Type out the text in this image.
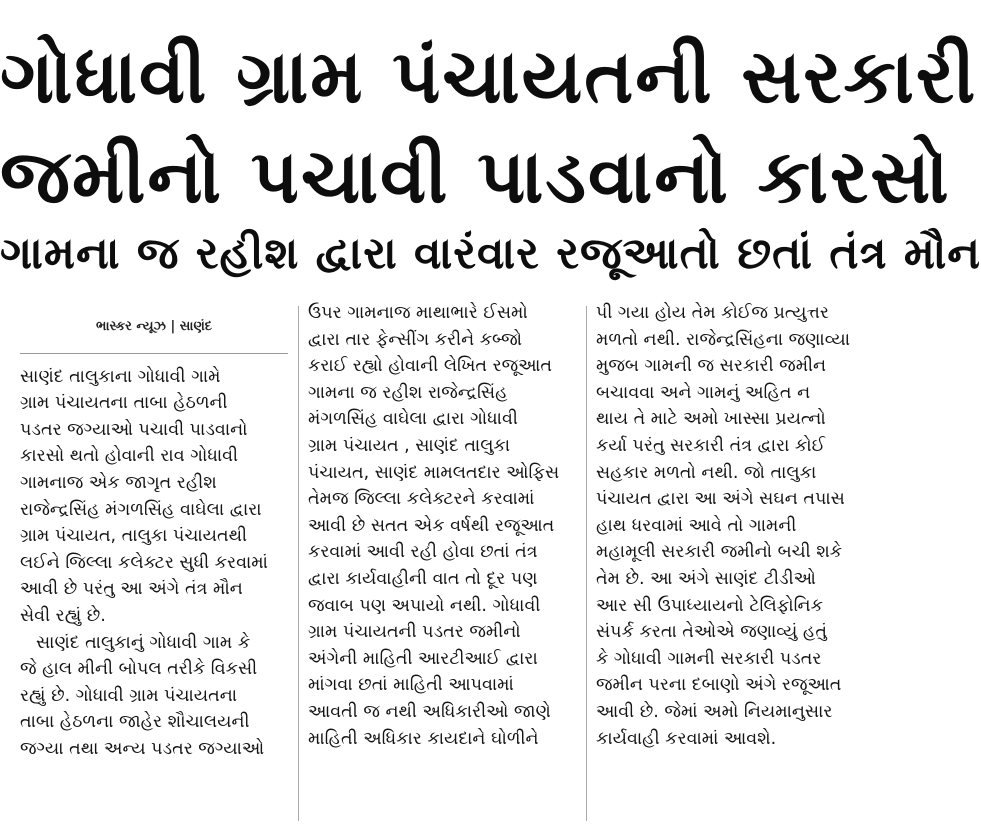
ગોધાવી ગ્રામ પંચાયતની સરકારી
જમીનો પચાવી પાડવાનો કારસો
ગામના જ રહીશ દ્વારા વારંવાર રજૂઆતો છતાં તંત્ર મૌન
ભાસ્કર ન્યૂઝ | સાણંદ

સાણંદ તાલુકાના ગોધાવી ગામે
ગ્રામ પંચાયતના તાબા હેઠળની
પડતર જગ્યાઓ પચાવી પાડવાનો
કારસો થતો હોવાની રાવ ગોધાવી
ગામનાજ એક જાગૃત રહીશ
રાજેન્દ્રસિંહ મંગળસિંહ વાઘેલા દ્વારા
ગ્રામ પંચાયત, તાલુકા પંચાયતથી
લઈને જિલ્લા કલેક્ટર સુધી કરવામાં
આવી છે પરંતુ આ અંગે તંત્ર મૌન
સેવી રહ્યું છે.

સાણંદ તાલુકાનું ગોધાવી ગામ કે
જે હાલ મીની બોપલ તરીકે વિકસી
રહ્યું છે. ગોધાવી ગ્રામ પંચાયતના
તાબા હેઠળના જાહેર શૌચાલયની
જગ્યા તથા અન્ય પડતર જગ્યાઓ

ઉપર ગામનાજ માથાભારે ઈસમો
દ્વારા તાર ફેન્સીંગ કરીને કબ્જો
કરાઈ રહ્યો હોવાની લેખિત રજૂઆત
ગામના જ રહીશ રાજેન્દ્રસિંહ
મંગળસિંહ વાઘેલા દ્વારા ગોધાવી
ગ્રામ પંચાયત , સાણંદ તાલુકા
પંચાયત, સાણંદ મામલતદાર ઓફિસ
તેમજ જિલ્લા કલેક્ટરને કરવામાં
આવી છે સતત એક વર્ષથી રજૂઆત
કરવામાં આવી રહી હોવા છતાં તંત્ર
દ્વારા કાર્યવાહીની વાત તો દૂર પણ
જવાબ પણ અપાયો નથી. ગોધાવી
ગ્રામ પંચાયતની પડતર જમીનો
અંગેની માહિતી આરટીઆઈ દ્વારા
માંગવા છતાં માહિતી આપવામાં
આવતી જ નથી અધિકારીઓ જાણે
માહિતી અધિકાર કાયદાને ઘોળીને
પી ગયા હોય તેમ કોઈજ પ્રત્યુત્તર
મળતો નથી. રાજેન્દ્રસિંહના જણાવ્યા
મુજબ ગામની જ સરકારી જમીન
બચાવવા અને ગામનું અહિત ન
થાય તે માટે અમો ખાસ્સા પ્રયત્નો
કર્યા પરંતુ સરકારી તંત્ર દ્વારા કોઈ
સહકાર મળતો નથી. જો તાલુકા
પંચાયત દ્વારા આ અંગે સઘન તપાસ
હાથ ધરવામાં આવે તો ગામની
મહામૂલી સરકારી જમીનો બચી શકે
તેમ છે. આ અંગે સાણંદ ટીડીઓ
આર સી ઉપાધ્યાયનો ટેલિફોનિક
સંપર્ક કરતા તેઓએ જણાવ્યું હતું
કે ગોધાવી ગામની સરકારી પડતર
જમીન પરના દબાણો અંગે રજૂઆત
આવી છે. જેમાં અમો નિયમાનુસાર
કાર્યવાહી કરવામાં આવશે.
